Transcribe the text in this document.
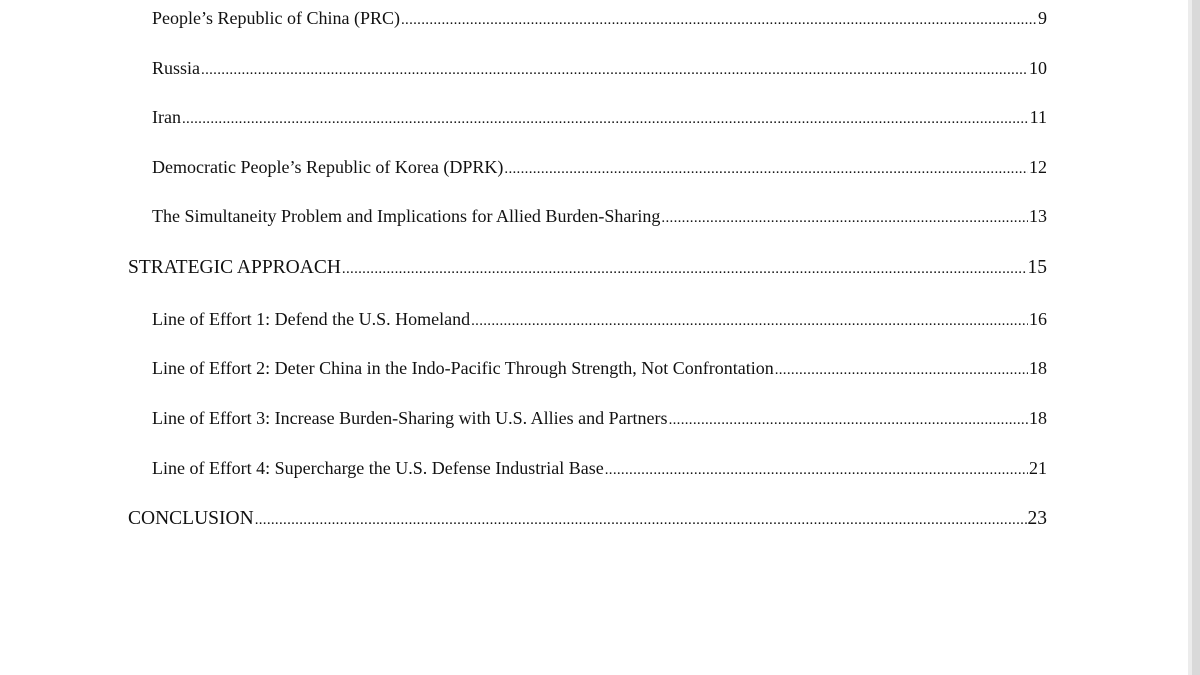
People’s Republic of China (PRC) .....	9
Russia .....	10
Iran .....	11
Democratic People’s Republic of Korea (DPRK) .....	12
The Simultaneity Problem and Implications for Allied Burden-Sharing .....	13
STRATEGIC APPROACH .....	15
Line of Effort 1: Defend the U.S. Homeland .....	16
Line of Effort 2: Deter China in the Indo-Pacific Through Strength, Not Confrontation .....	18
Line of Effort 3: Increase Burden-Sharing with U.S. Allies and Partners .....	18
Line of Effort 4: Supercharge the U.S. Defense Industrial Base .....	21
CONCLUSION .....	23
